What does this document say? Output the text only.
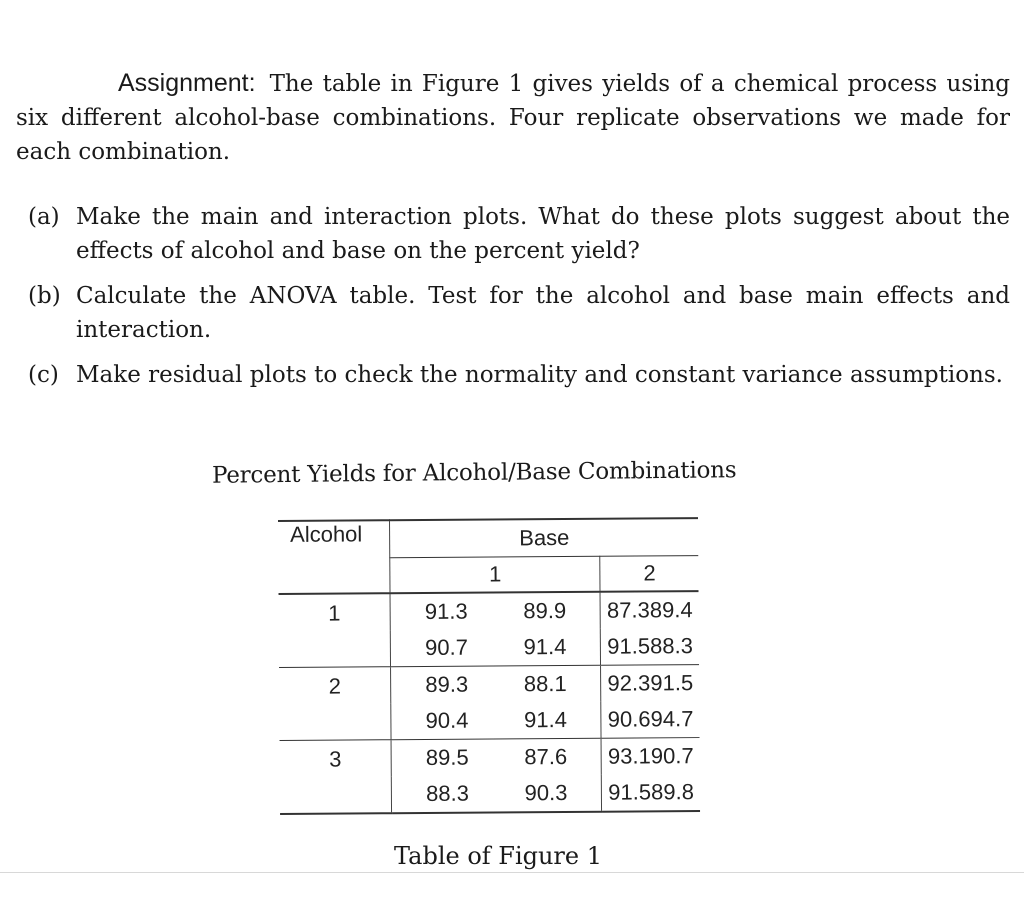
Assignment: The table in Figure 1 gives yields of a chemical process using six different alcohol-base combinations. Four replicate observations we made for each combination.

(a) Make the main and interaction plots. What do these plots suggest about the effects of alcohol and base on the percent yield?
(b) Calculate the ANOVA table. Test for the alcohol and base main effects and interaction.
(c) Make residual plots to check the normality and constant variance assumptions.

Percent Yields for Alcohol/Base Combinations

Alcohol	Base	
	1	2
1	91.3 89.9	87.3 89.4

	90.7 91.4	91.5 88.3

2	89.3 88.1	92.3 91.5

	90.4 91.4	90.6 94.7

3	89.5 87.6	93.1 90.7

	88.3 90.3	91.5 89.8

Table of Figure 1
